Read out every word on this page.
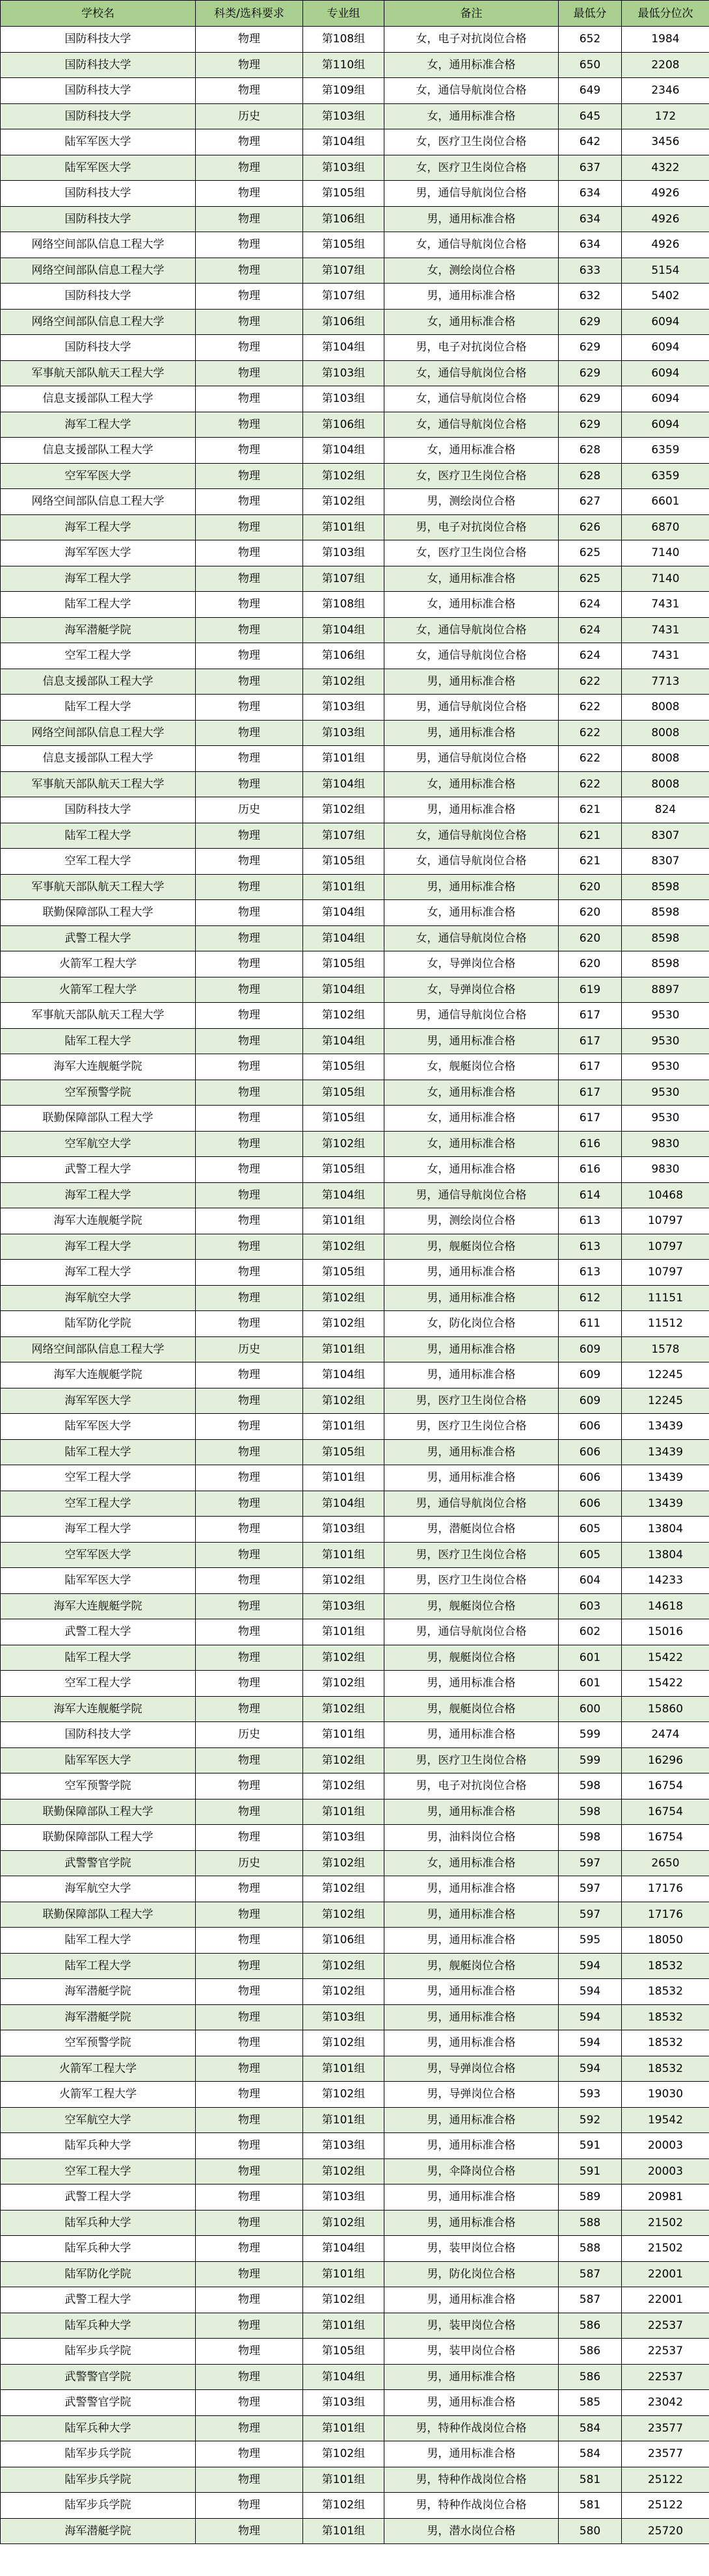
学校名	科类/选科要求	专业组	备注	最低分	最低分位次
国防科技大学	物理	第108组	女，电子对抗岗位合格	652	1984
国防科技大学	物理	第110组	女，通用标准合格	650	2208
国防科技大学	物理	第109组	女，通信导航岗位合格	649	2346
国防科技大学	历史	第103组	女，通用标准合格	645	172
陆军军医大学	物理	第104组	女，医疗卫生岗位合格	642	3456
陆军军医大学	物理	第103组	女，医疗卫生岗位合格	637	4322
国防科技大学	物理	第105组	男，通信导航岗位合格	634	4926
国防科技大学	物理	第106组	男，通用标准合格	634	4926
网络空间部队信息工程大学	物理	第105组	女，通信导航岗位合格	634	4926
网络空间部队信息工程大学	物理	第107组	女，测绘岗位合格	633	5154
国防科技大学	物理	第107组	男，通用标准合格	632	5402
网络空间部队信息工程大学	物理	第106组	女，通用标准合格	629	6094
国防科技大学	物理	第104组	男，电子对抗岗位合格	629	6094
军事航天部队航天工程大学	物理	第103组	女，通信导航岗位合格	629	6094
信息支援部队工程大学	物理	第103组	女，通信导航岗位合格	629	6094
海军工程大学	物理	第106组	女，通信导航岗位合格	629	6094
信息支援部队工程大学	物理	第104组	女，通用标准合格	628	6359
空军军医大学	物理	第102组	女，医疗卫生岗位合格	628	6359
网络空间部队信息工程大学	物理	第102组	男，测绘岗位合格	627	6601
海军工程大学	物理	第101组	男，电子对抗岗位合格	626	6870
海军军医大学	物理	第103组	女，医疗卫生岗位合格	625	7140
海军工程大学	物理	第107组	女，通用标准合格	625	7140
陆军工程大学	物理	第108组	女，通用标准合格	624	7431
海军潜艇学院	物理	第104组	女，通信导航岗位合格	624	7431
空军工程大学	物理	第106组	女，通信导航岗位合格	624	7431
信息支援部队工程大学	物理	第102组	男，通用标准合格	622	7713
陆军工程大学	物理	第103组	男，通信导航岗位合格	622	8008
网络空间部队信息工程大学	物理	第103组	男，通用标准合格	622	8008
信息支援部队工程大学	物理	第101组	男，通信导航岗位合格	622	8008
军事航天部队航天工程大学	物理	第104组	女，通用标准合格	622	8008
国防科技大学	历史	第102组	男，通用标准合格	621	824
陆军工程大学	物理	第107组	女，通信导航岗位合格	621	8307
空军工程大学	物理	第105组	女，通信导航岗位合格	621	8307
军事航天部队航天工程大学	物理	第101组	男，通用标准合格	620	8598
联勤保障部队工程大学	物理	第104组	女，通用标准合格	620	8598
武警工程大学	物理	第104组	女，通信导航岗位合格	620	8598
火箭军工程大学	物理	第105组	女，导弹岗位合格	620	8598
火箭军工程大学	物理	第104组	女，导弹岗位合格	619	8897
军事航天部队航天工程大学	物理	第102组	男，通信导航岗位合格	617	9530
陆军工程大学	物理	第104组	男，通用标准合格	617	9530
海军大连舰艇学院	物理	第105组	女，舰艇岗位合格	617	9530
空军预警学院	物理	第105组	女，通用标准合格	617	9530
联勤保障部队工程大学	物理	第105组	女，通用标准合格	617	9530
空军航空大学	物理	第102组	女，通用标准合格	616	9830
武警工程大学	物理	第105组	女，通用标准合格	616	9830
海军工程大学	物理	第104组	男，通信导航岗位合格	614	10468
海军大连舰艇学院	物理	第101组	男，测绘岗位合格	613	10797
海军工程大学	物理	第102组	男，舰艇岗位合格	613	10797
海军工程大学	物理	第105组	男，通用标准合格	613	10797
海军航空大学	物理	第102组	男，通用标准合格	612	11151
陆军防化学院	物理	第102组	女，防化岗位合格	611	11512
网络空间部队信息工程大学	历史	第101组	男，通用标准合格	609	1578
海军大连舰艇学院	物理	第104组	男，通用标准合格	609	12245
海军军医大学	物理	第102组	男，医疗卫生岗位合格	609	12245
陆军军医大学	物理	第101组	男，医疗卫生岗位合格	606	13439
陆军工程大学	物理	第105组	男，通用标准合格	606	13439
空军工程大学	物理	第101组	男，通用标准合格	606	13439
空军工程大学	物理	第104组	男，通信导航岗位合格	606	13439
海军工程大学	物理	第103组	男，潜艇岗位合格	605	13804
空军军医大学	物理	第101组	男，医疗卫生岗位合格	605	13804
陆军军医大学	物理	第102组	男，医疗卫生岗位合格	604	14233
海军大连舰艇学院	物理	第103组	男，舰艇岗位合格	603	14618
武警工程大学	物理	第101组	男，通信导航岗位合格	602	15016
陆军工程大学	物理	第102组	男，舰艇岗位合格	601	15422
空军工程大学	物理	第102组	男，通用标准合格	601	15422
海军大连舰艇学院	物理	第102组	男，舰艇岗位合格	600	15860
国防科技大学	历史	第101组	男，通用标准合格	599	2474
陆军军医大学	物理	第102组	男，医疗卫生岗位合格	599	16296
空军预警学院	物理	第102组	男，电子对抗岗位合格	598	16754
联勤保障部队工程大学	物理	第101组	男，通用标准合格	598	16754
联勤保障部队工程大学	物理	第103组	男，油料岗位合格	598	16754
武警警官学院	历史	第102组	女，通用标准合格	597	2650
海军航空大学	物理	第102组	男，通用标准合格	597	17176
联勤保障部队工程大学	物理	第102组	男，通用标准合格	597	17176
陆军工程大学	物理	第106组	男，通用标准合格	595	18050
陆军工程大学	物理	第102组	男，舰艇岗位合格	594	18532
海军潜艇学院	物理	第102组	男，通用标准合格	594	18532
海军潜艇学院	物理	第103组	男，通用标准合格	594	18532
空军预警学院	物理	第102组	男，通用标准合格	594	18532
火箭军工程大学	物理	第101组	男，导弹岗位合格	594	18532
火箭军工程大学	物理	第102组	男，导弹岗位合格	593	19030
空军航空大学	物理	第101组	男，通用标准合格	592	19542
陆军兵种大学	物理	第103组	男，通用标准合格	591	20003
空军工程大学	物理	第102组	男，伞降岗位合格	591	20003
武警工程大学	物理	第103组	男，通用标准合格	589	20981
陆军兵种大学	物理	第102组	男，通用标准合格	588	21502
陆军兵种大学	物理	第104组	男，装甲岗位合格	588	21502
陆军防化学院	物理	第101组	男，防化岗位合格	587	22001
武警工程大学	物理	第102组	男，通用标准合格	587	22001
陆军兵种大学	物理	第101组	男，装甲岗位合格	586	22537
陆军步兵学院	物理	第105组	男，装甲岗位合格	586	22537
武警警官学院	物理	第104组	男，通用标准合格	586	22537
武警警官学院	物理	第103组	男，通用标准合格	585	23042
陆军兵种大学	物理	第101组	男，特种作战岗位合格	584	23577
陆军步兵学院	物理	第102组	男，通用标准合格	584	23577
陆军步兵学院	物理	第101组	男，特种作战岗位合格	581	25122
陆军步兵学院	物理	第102组	男，特种作战岗位合格	581	25122
海军潜艇学院	物理	第101组	男，潜水岗位合格	580	25720
